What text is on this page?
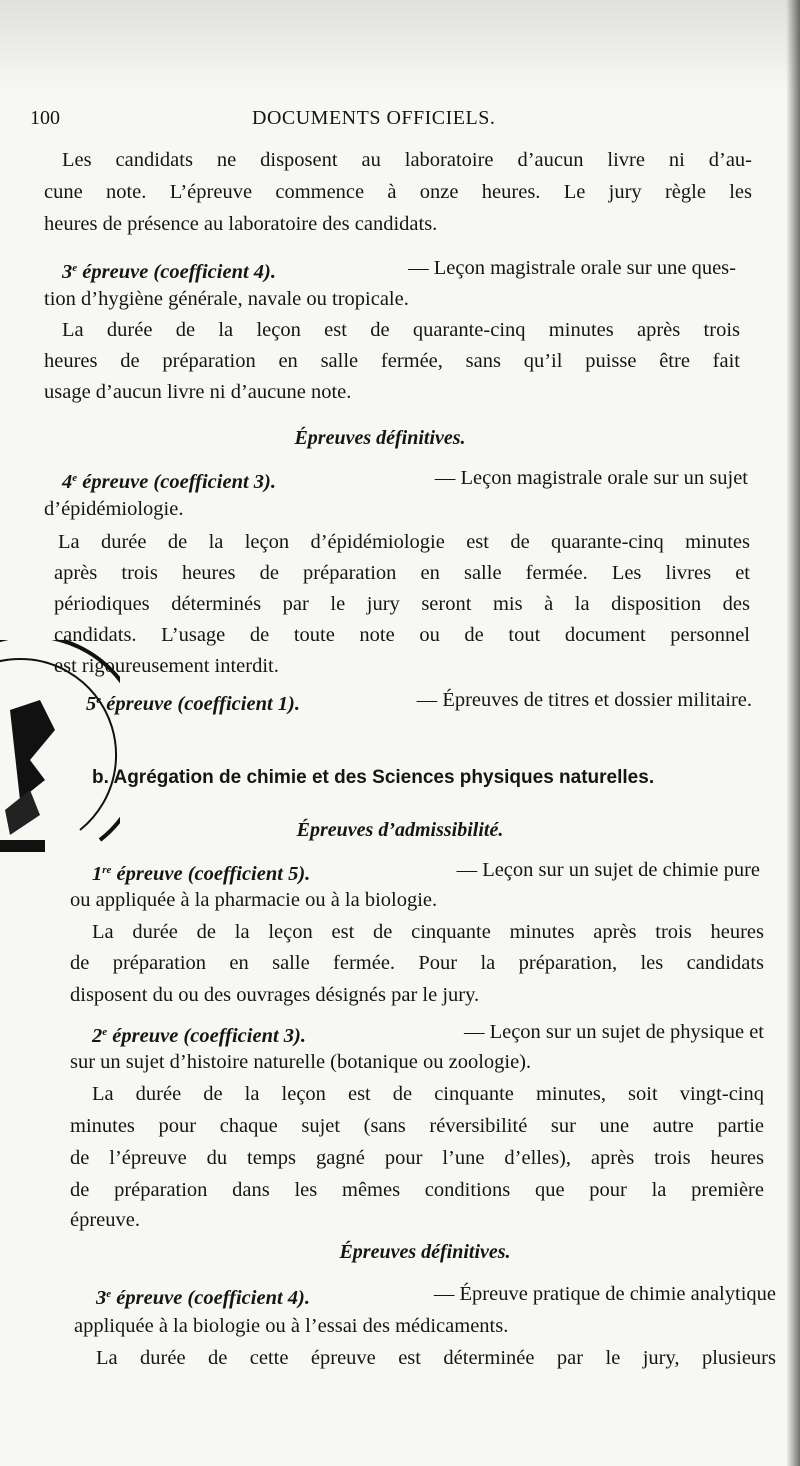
100	DOCUMENTS OFFICIELS.
Les candidats ne disposent au laboratoire d’aucun livre ni d’au-
cune note. L’épreuve commence à onze heures. Le jury règle les
heures de présence au laboratoire des candidats.
3e épreuve (coefficient 4).	— Leçon magistrale orale sur une ques-
tion d’hygiène générale, navale ou tropicale.
La durée de la leçon est de quarante-cinq minutes après trois
heures de préparation en salle fermée, sans qu’il puisse être fait
usage d’aucun livre ni d’aucune note.
Épreuves définitives.
4e épreuve (coefficient 3).	— Leçon magistrale orale sur un sujet
d’épidémiologie.
La durée de la leçon d’épidémiologie est de quarante-cinq minutes
après trois heures de préparation en salle fermée. Les livres et
périodiques déterminés par le jury seront mis à la disposition des
candidats. L’usage de toute note ou de tout document personnel
est rigoureusement interdit.
5e épreuve (coefficient 1).	— Épreuves de titres et dossier militaire.
b. Agrégation de chimie et des Sciences physiques naturelles.
Épreuves d’admissibilité.
1re épreuve (coefficient 5).	— Leçon sur un sujet de chimie pure
ou appliquée à la pharmacie ou à la biologie.
La durée de la leçon est de cinquante minutes après trois heures
de préparation en salle fermée. Pour la préparation, les candidats
disposent du ou des ouvrages désignés par le jury.
2e épreuve (coefficient 3).	— Leçon sur un sujet de physique et
sur un sujet d’histoire naturelle (botanique ou zoologie).
La durée de la leçon est de cinquante minutes, soit vingt-cinq
minutes pour chaque sujet (sans réversibilité sur une autre partie
de l’épreuve du temps gagné pour l’une d’elles), après trois heures
de préparation dans les mêmes conditions que pour la première
épreuve.
Épreuves définitives.
3e épreuve (coefficient 4).	— Épreuve pratique de chimie analytique
appliquée à la biologie ou à l’essai des médicaments.
La durée de cette épreuve est déterminée par le jury, plusieurs
